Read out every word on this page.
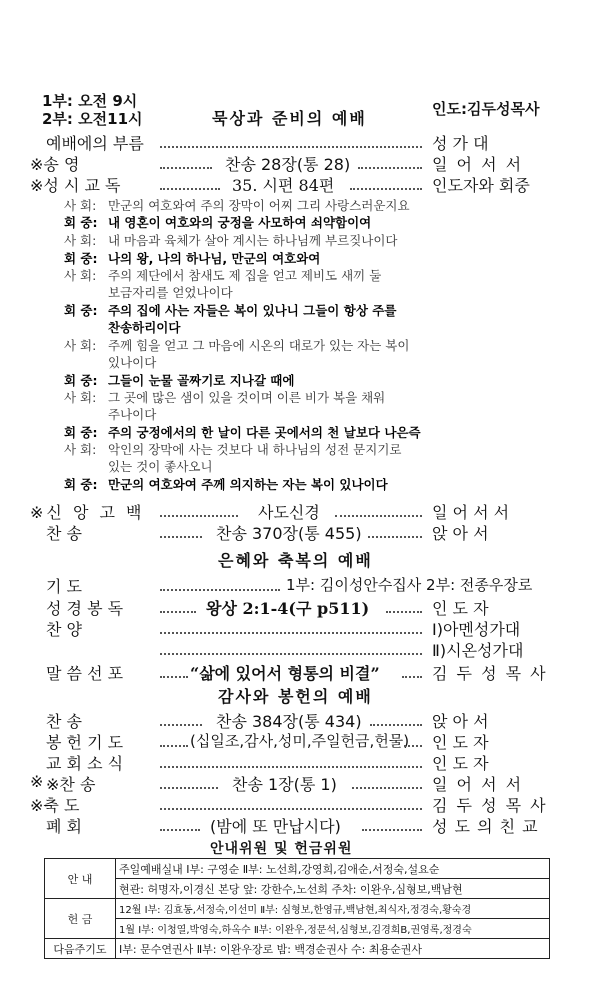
1부: 오전 9시
2부: 오전11시	묵상과 준비의 예배	인도:김두성목사
예배에의 부름	성 가 대
※송 영	찬송 28장(통 28)	일 어 서 서
※성 시 교 독	35. 시편 84편	인도자와 회중
사 회: 만군의 여호와여 주의 장막이 어찌 그리 사랑스러운지요
회 중: 내 영혼이 여호와의 궁정을 사모하여 쇠약함이여
사 회: 내 마음과 육체가 살아 계시는 하나님께 부르짖나이다
회 중: 나의 왕, 나의 하나님, 만군의 여호와여
사 회: 주의 제단에서 참새도 제 집을 얻고 제비도 새끼 둘
보금자리를 얻었나이다
회 중: 주의 집에 사는 자들은 복이 있나니 그들이 항상 주를
찬송하리이다
사 회: 주께 힘을 얻고 그 마음에 시온의 대로가 있는 자는 복이
있나이다
회 중: 그들이 눈물 골짜기로 지나갈 때에
사 회: 그 곳에 많은 샘이 있을 것이며 이른 비가 복을 채워
주나이다
회 중: 주의 궁정에서의 한 날이 다른 곳에서의 천 날보다 나은즉
사 회: 악인의 장막에 사는 것보다 내 하나님의 성전 문지기로
있는 것이 좋사오니
회 중: 만군의 여호와여 주께 의지하는 자는 복이 있나이다
※신 앙 고 백	사도신경	일 어 서 서
찬 송	찬송 370장(통 455)	앉 아 서
은혜와 축복의 예배
기 도	1부: 김이성안수집사 2부: 전종우장로
성 경 봉 독	왕상 2:1-4(구 p511)	인 도 자
찬 양	Ⅰ)아멘성가대
Ⅱ)시온성가대
말 씀 선 포	“삶에 있어서 형통의 비결”	김 두 성 목 사
감사와 봉헌의 예배
찬 송	찬송 384장(통 434)	앉 아 서
봉 헌 기 도	(십일조,감사,성미,주일헌금,헌물) 인 도 자
교 회 소 식	인 도 자
※ ※찬 송	찬송 1장(통 1)	일 어 서 서
※축 도	김 두 성 목 사
폐 회	(밤에 또 만납시다)	성 도 의 친 교
안내위원 및 헌금위원
안 내	주일예배실내 Ⅰ부: 구영순 Ⅱ부: 노선희,강영희,김애순,서정숙,설요순
	현관: 허명자,이경신 본당 앞: 강한수,노선희 주차: 이완우,심형보,백남현
헌 금	12월 Ⅰ부: 김효동,서정숙,이선미 Ⅱ부: 심형보,한영규,백남현,최식자,정경숙,황숙경
	1월 Ⅰ부: 이청열,박영숙,하옥수 Ⅱ부: 이완우,정문석,심형보,김경희B,권영록,정경숙
다음주기도	Ⅰ부: 문수연권사 Ⅱ부: 이완우장로 밤: 백경순권사 수: 최용순권사
